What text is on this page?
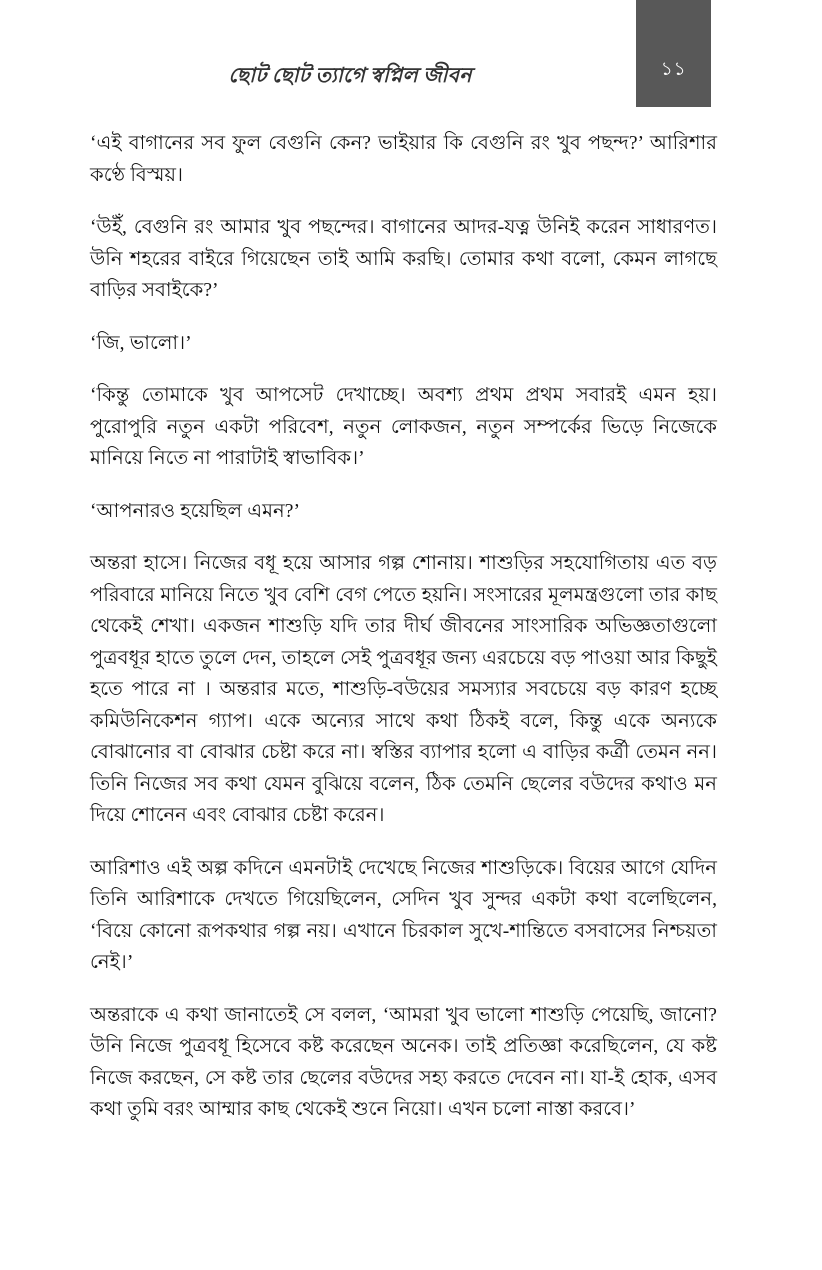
ছোট ছোট ত্যাগে স্বপ্নিল জীবন	১১

‘এই বাগানের সব ফুল বেগুনি কেন? ভাইয়ার কি বেগুনি রং খুব পছন্দ?’ আরিশার কণ্ঠে বিস্ময়।

‘উইঁ, বেগুনি রং আমার খুব পছন্দের। বাগানের আদর-যত্ন উনিই করেন সাধারণত। উনি শহরের বাইরে গিয়েছেন তাই আমি করছি। তোমার কথা বলো, কেমন লাগছে বাড়ির সবাইকে?’

‘জি, ভালো।’

‘কিন্তু তোমাকে খুব আপসেট দেখাচ্ছে। অবশ্য প্রথম প্রথম সবারই এমন হয়। পুরোপুরি নতুন একটা পরিবেশ, নতুন লোকজন, নতুন সম্পর্কের ভিড়ে নিজেকে মানিয়ে নিতে না পারাটাই স্বাভাবিক।’

‘আপনারও হয়েছিল এমন?’

অন্তরা হাসে। নিজের বধূ হয়ে আসার গল্প শোনায়। শাশুড়ির সহযোগিতায় এত বড় পরিবারে মানিয়ে নিতে খুব বেশি বেগ পেতে হয়নি। সংসারের মূলমন্ত্রগুলো তার কাছ থেকেই শেখা। একজন শাশুড়ি যদি তার দীর্ঘ জীবনের সাংসারিক অভিজ্ঞতাগুলো পুত্রবধূর হাতে তুলে দেন, তাহলে সেই পুত্রবধূর জন্য এরচেয়ে বড় পাওয়া আর কিছুই হতে পারে না । অন্তরার মতে, শাশুড়ি-বউয়ের সমস্যার সবচেয়ে বড় কারণ হচ্ছে কমিউনিকেশন গ্যাপ। একে অন্যের সাথে কথা ঠিকই বলে, কিন্তু একে অন্যকে বোঝানোর বা বোঝার চেষ্টা করে না। স্বস্তির ব্যাপার হলো এ বাড়ির কর্ত্রী তেমন নন। তিনি নিজের সব কথা যেমন বুঝিয়ে বলেন, ঠিক তেমনি ছেলের বউদের কথাও মন দিয়ে শোনেন এবং বোঝার চেষ্টা করেন।

আরিশাও এই অল্প কদিনে এমনটাই দেখেছে নিজের শাশুড়িকে। বিয়ের আগে যেদিন তিনি আরিশাকে দেখতে গিয়েছিলেন, সেদিন খুব সুন্দর একটা কথা বলেছিলেন, ‘বিয়ে কোনো রূপকথার গল্প নয়। এখানে চিরকাল সুখে-শান্তিতে বসবাসের নিশ্চয়তা নেই।’

অন্তরাকে এ কথা জানাতেই সে বলল, ‘আমরা খুব ভালো শাশুড়ি পেয়েছি, জানো? উনি নিজে পুত্রবধূ হিসেবে কষ্ট করেছেন অনেক। তাই প্রতিজ্ঞা করেছিলেন, যে কষ্ট নিজে করছেন, সে কষ্ট তার ছেলের বউদের সহ্য করতে দেবেন না। যা-ই হোক, এসব কথা তুমি বরং আম্মার কাছ থেকেই শুনে নিয়ো। এখন চলো নাস্তা করবে।’
